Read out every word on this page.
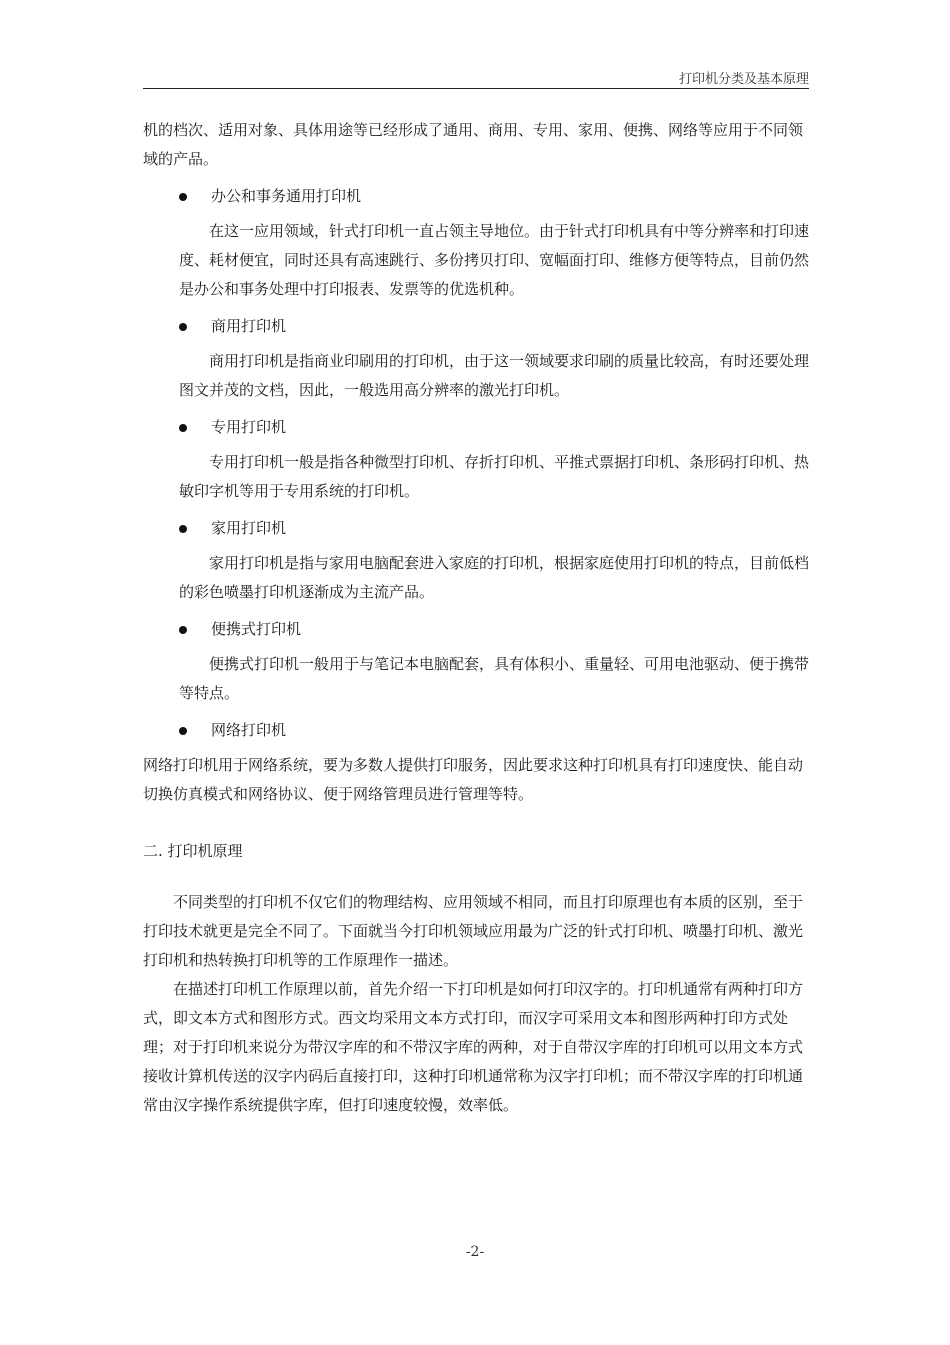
打印机分类及基本原理

机的档次、适用对象、具体用途等已经形成了通用、商用、专用、家用、便携、网络等应用于不同领域的产品。

办公和事务通用打印机

在这一应用领域，针式打印机一直占领主导地位。由于针式打印机具有中等分辨率和打印速度、耗材便宜，同时还具有高速跳行、多份拷贝打印、宽幅面打印、维修方便等特点，目前仍然是办公和事务处理中打印报表、发票等的优选机种。

商用打印机

商用打印机是指商业印刷用的打印机，由于这一领域要求印刷的质量比较高，有时还要处理图文并茂的文档，因此，一般选用高分辨率的激光打印机。

专用打印机

专用打印机一般是指各种微型打印机、存折打印机、平推式票据打印机、条形码打印机、热敏印字机等用于专用系统的打印机。

家用打印机

家用打印机是指与家用电脑配套进入家庭的打印机，根据家庭使用打印机的特点，目前低档的彩色喷墨打印机逐渐成为主流产品。

便携式打印机

便携式打印机一般用于与笔记本电脑配套，具有体积小、重量轻、可用电池驱动、便于携带等特点。

网络打印机

网络打印机用于网络系统，要为多数人提供打印服务，因此要求这种打印机具有打印速度快、能自动切换仿真模式和网络协议、便于网络管理员进行管理等特。

二. 打印机原理

不同类型的打印机不仅它们的物理结构、应用领域不相同，而且打印原理也有本质的区别，至于打印技术就更是完全不同了。下面就当今打印机领域应用最为广泛的针式打印机、喷墨打印机、激光打印机和热转换打印机等的工作原理作一描述。

在描述打印机工作原理以前，首先介绍一下打印机是如何打印汉字的。打印机通常有两种打印方式，即文本方式和图形方式。西文均采用文本方式打印，而汉字可采用文本和图形两种打印方式处理；对于打印机来说分为带汉字库的和不带汉字库的两种，对于自带汉字库的打印机可以用文本方式接收计算机传送的汉字内码后直接打印，这种打印机通常称为汉字打印机；而不带汉字库的打印机通常由汉字操作系统提供字库，但打印速度较慢，效率低。

-2-
